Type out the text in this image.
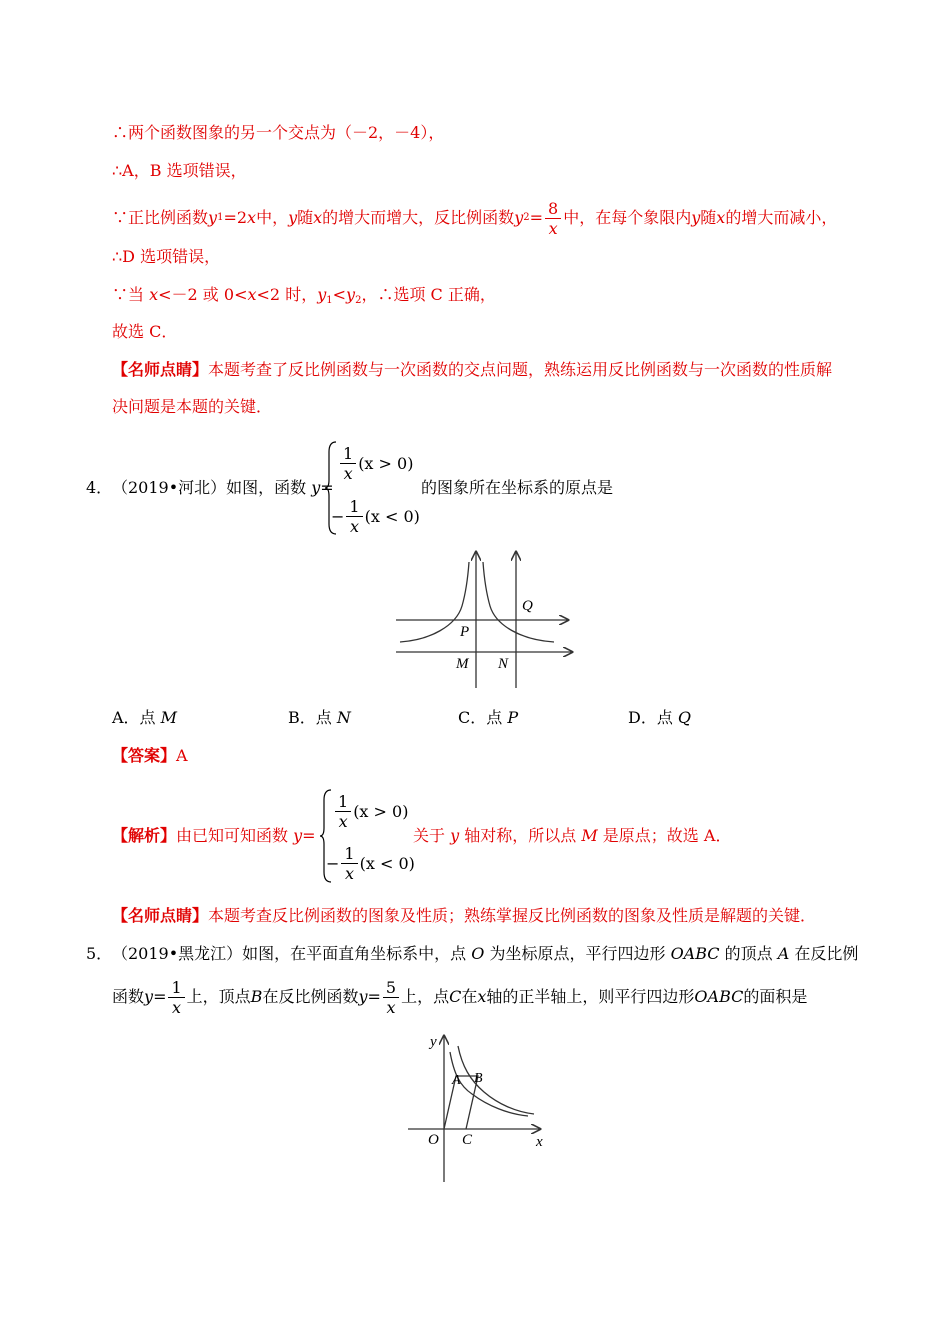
∴两个函数图象的另一个交点为（－2，－4），
∴A，B 选项错误，
∵正比例函数 y 1 =2 x 中， y 随 x 的增大而增大，反比例函数 y $2 = \frac{8}{x}$ 中，在每个象限内 y 随 x 的增大而减小，
∴D 选项错误，
∵当 x<－2 或 0<x<2 时，$y_1<y_2$，∴选项 C 正确，
故选 C．
【名师点睛】本题考查了反比例函数与一次函数的交点问题，熟练运用反比例函数与一次函数的性质解
决问题是本题的关键．
4． （2019•河北）如图，函数 y=
$\frac{1}{x} (x > 0)$
− $\frac{1}{x} (x < 0)$
的图象所在坐标系的原点是
Q
P
M N
A．点 M	B．点 N	C．点 P	D．点 Q
【答案】A
【解析】由已知可知函数 y=
$\frac{1}{x} (x > 0)$
− $\frac{1}{x} (x < 0)$
关于 y 轴对称，所以点 M 是原点；故选 A．
【名师点睛】本题考查反比例函数的图象及性质；熟练掌握反比例函数的图象及性质是解题的关键．
5． （2019•黑龙江）如图，在平面直角坐标系中，点 O 为坐标原点，平行四边形 OABC 的顶点 A 在反比例
函数 $y = \frac{1}{x}$ 上，顶点 B 在反比例函数 $y = \frac{5}{x}$ 上，点 C 在 x 轴的正半轴上，则平行四边形 OABC 的面积是
y
A B
O C	x
